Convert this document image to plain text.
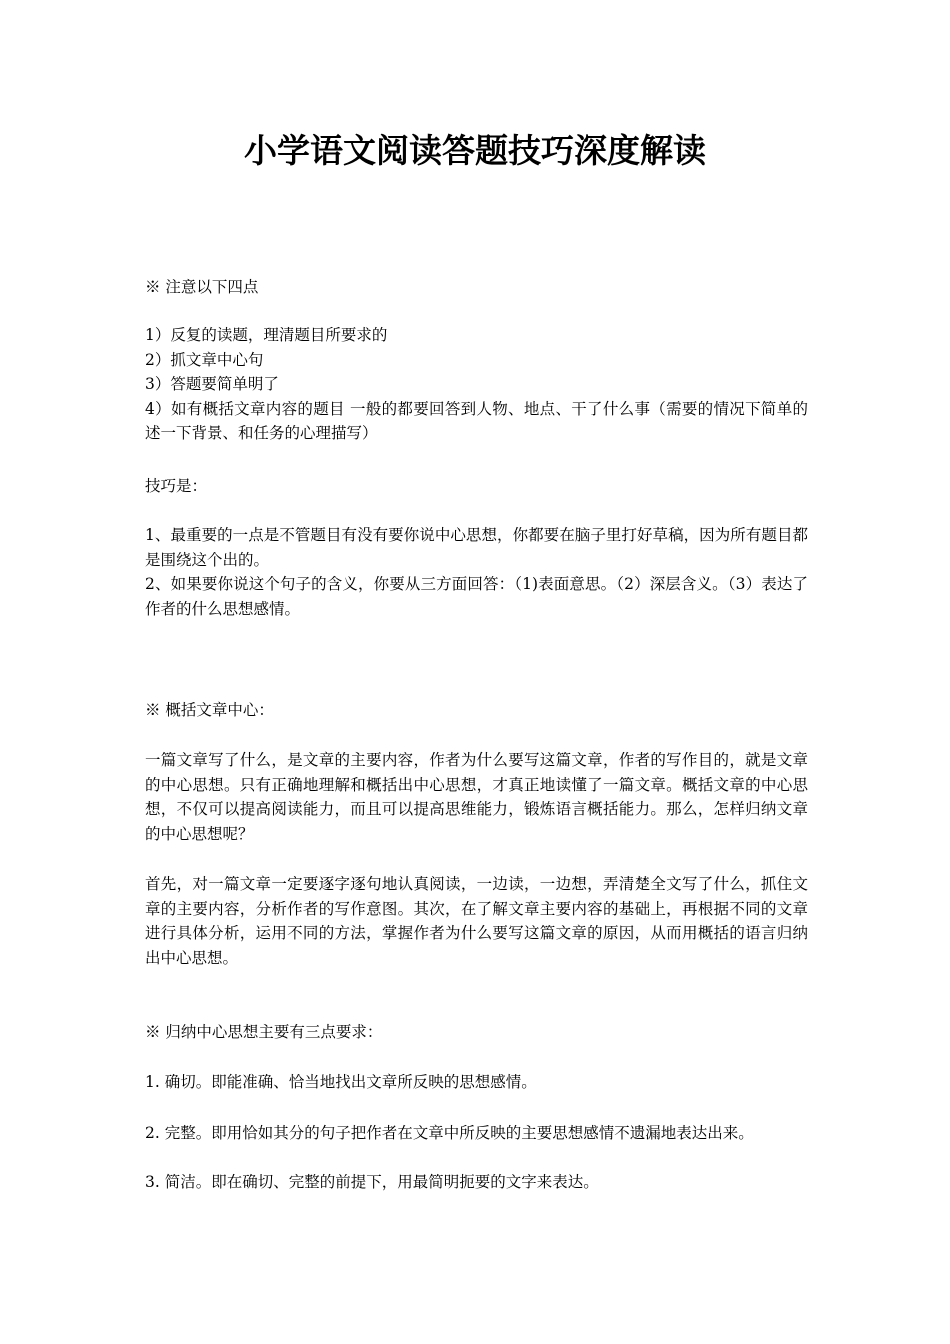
小学语文阅读答题技巧深度解读

※ 注意以下四点

1）反复的读题，理清题目所要求的

2）抓文章中心句

3）答题要简单明了

4）如有概括文章内容的题目 一般的都要回答到人物、地点、干了什么事（需要的情况下简单的 述一下背景、和任务的心理描写）

技巧是：

1、最重要的一点是不管题目有没有要你说中心思想，你都要在脑子里打好草稿，因为所有题目都是围绕这个出的。

2、如果要你说这个句子的含义，你要从三方面回答：（1)表面意思。（2）深层含义。（3）表达了作者的什么思想感情。

※ 概括文章中心：

一篇文章写了什么，是文章的主要内容，作者为什么要写这篇文章，作者的写作目的，就是文章的中心思想。只有正确地理解和概括出中心思想，才真正地读懂了一篇文章。概括文章的中心思想，不仅可以提高阅读能力，而且可以提高思维能力，锻炼语言概括能力。那么，怎样归纳文章的中心思想呢？

首先，对一篇文章一定要逐字逐句地认真阅读，一边读，一边想，弄清楚全文写了什么，抓住文章的主要内容，分析作者的写作意图。其次，在了解文章主要内容的基础上，再根据不同的文章进行具体分析，运用不同的方法，掌握作者为什么要写这篇文章的原因，从而用概括的语言归纳出中心思想。

※ 归纳中心思想主要有三点要求：

1. 确切。即能准确、恰当地找出文章所反映的思想感情。

2. 完整。即用恰如其分的句子把作者在文章中所反映的主要思想感情不遗漏地表达出来。

3. 简洁。即在确切、完整的前提下，用最简明扼要的文字来表达。
